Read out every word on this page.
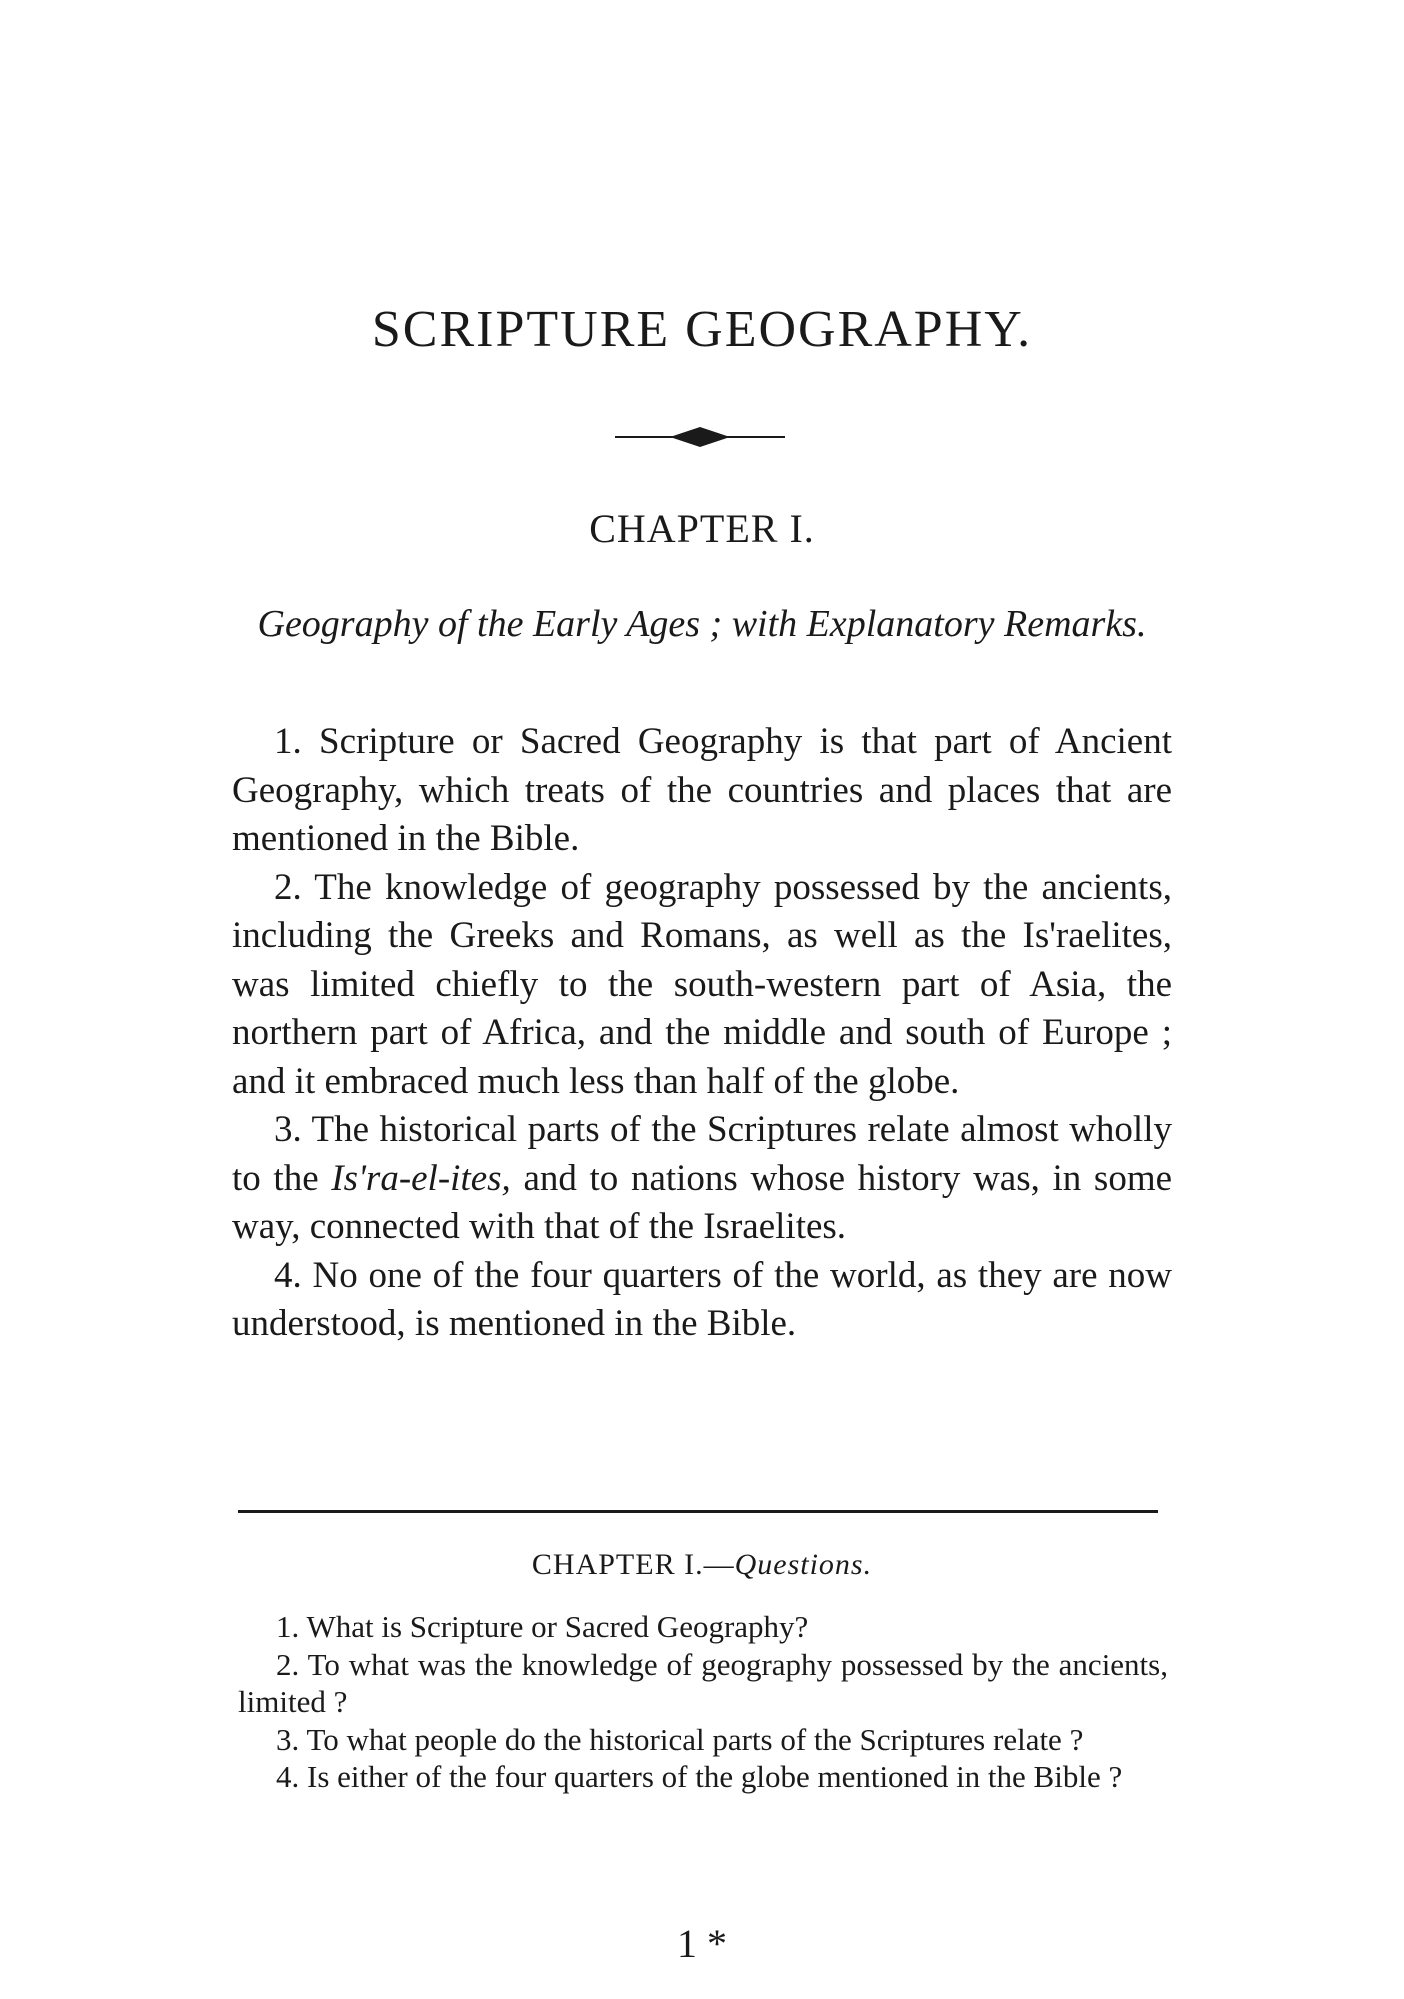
SCRIPTURE GEOGRAPHY.
CHAPTER I.

Geography of the Early Ages ; with Explanatory Remarks.

1. Scripture or Sacred Geography is that part of Ancient Geography, which treats of the countries and places that are mentioned in the Bible.

2. The knowledge of geography possessed by the ancients, including the Greeks and Romans, as well as the Is'raelites, was limited chiefly to the south-western part of Asia, the northern part of Africa, and the middle and south of Europe ; and it embraced much less than half of the globe.

3. The historical parts of the Scriptures relate almost wholly to the Is'ra-el-ites, and to nations whose history was, in some way, connected with that of the Israelites.

4. No one of the four quarters of the world, as they are now understood, is mentioned in the Bible.

CHAPTER I.—Questions.

1. What is Scripture or Sacred Geography?

2. To what was the knowledge of geography possessed by the ancients, limited ?

3. To what people do the historical parts of the Scriptures relate ?

4. Is either of the four quarters of the globe mentioned in the Bible ?

1 *
